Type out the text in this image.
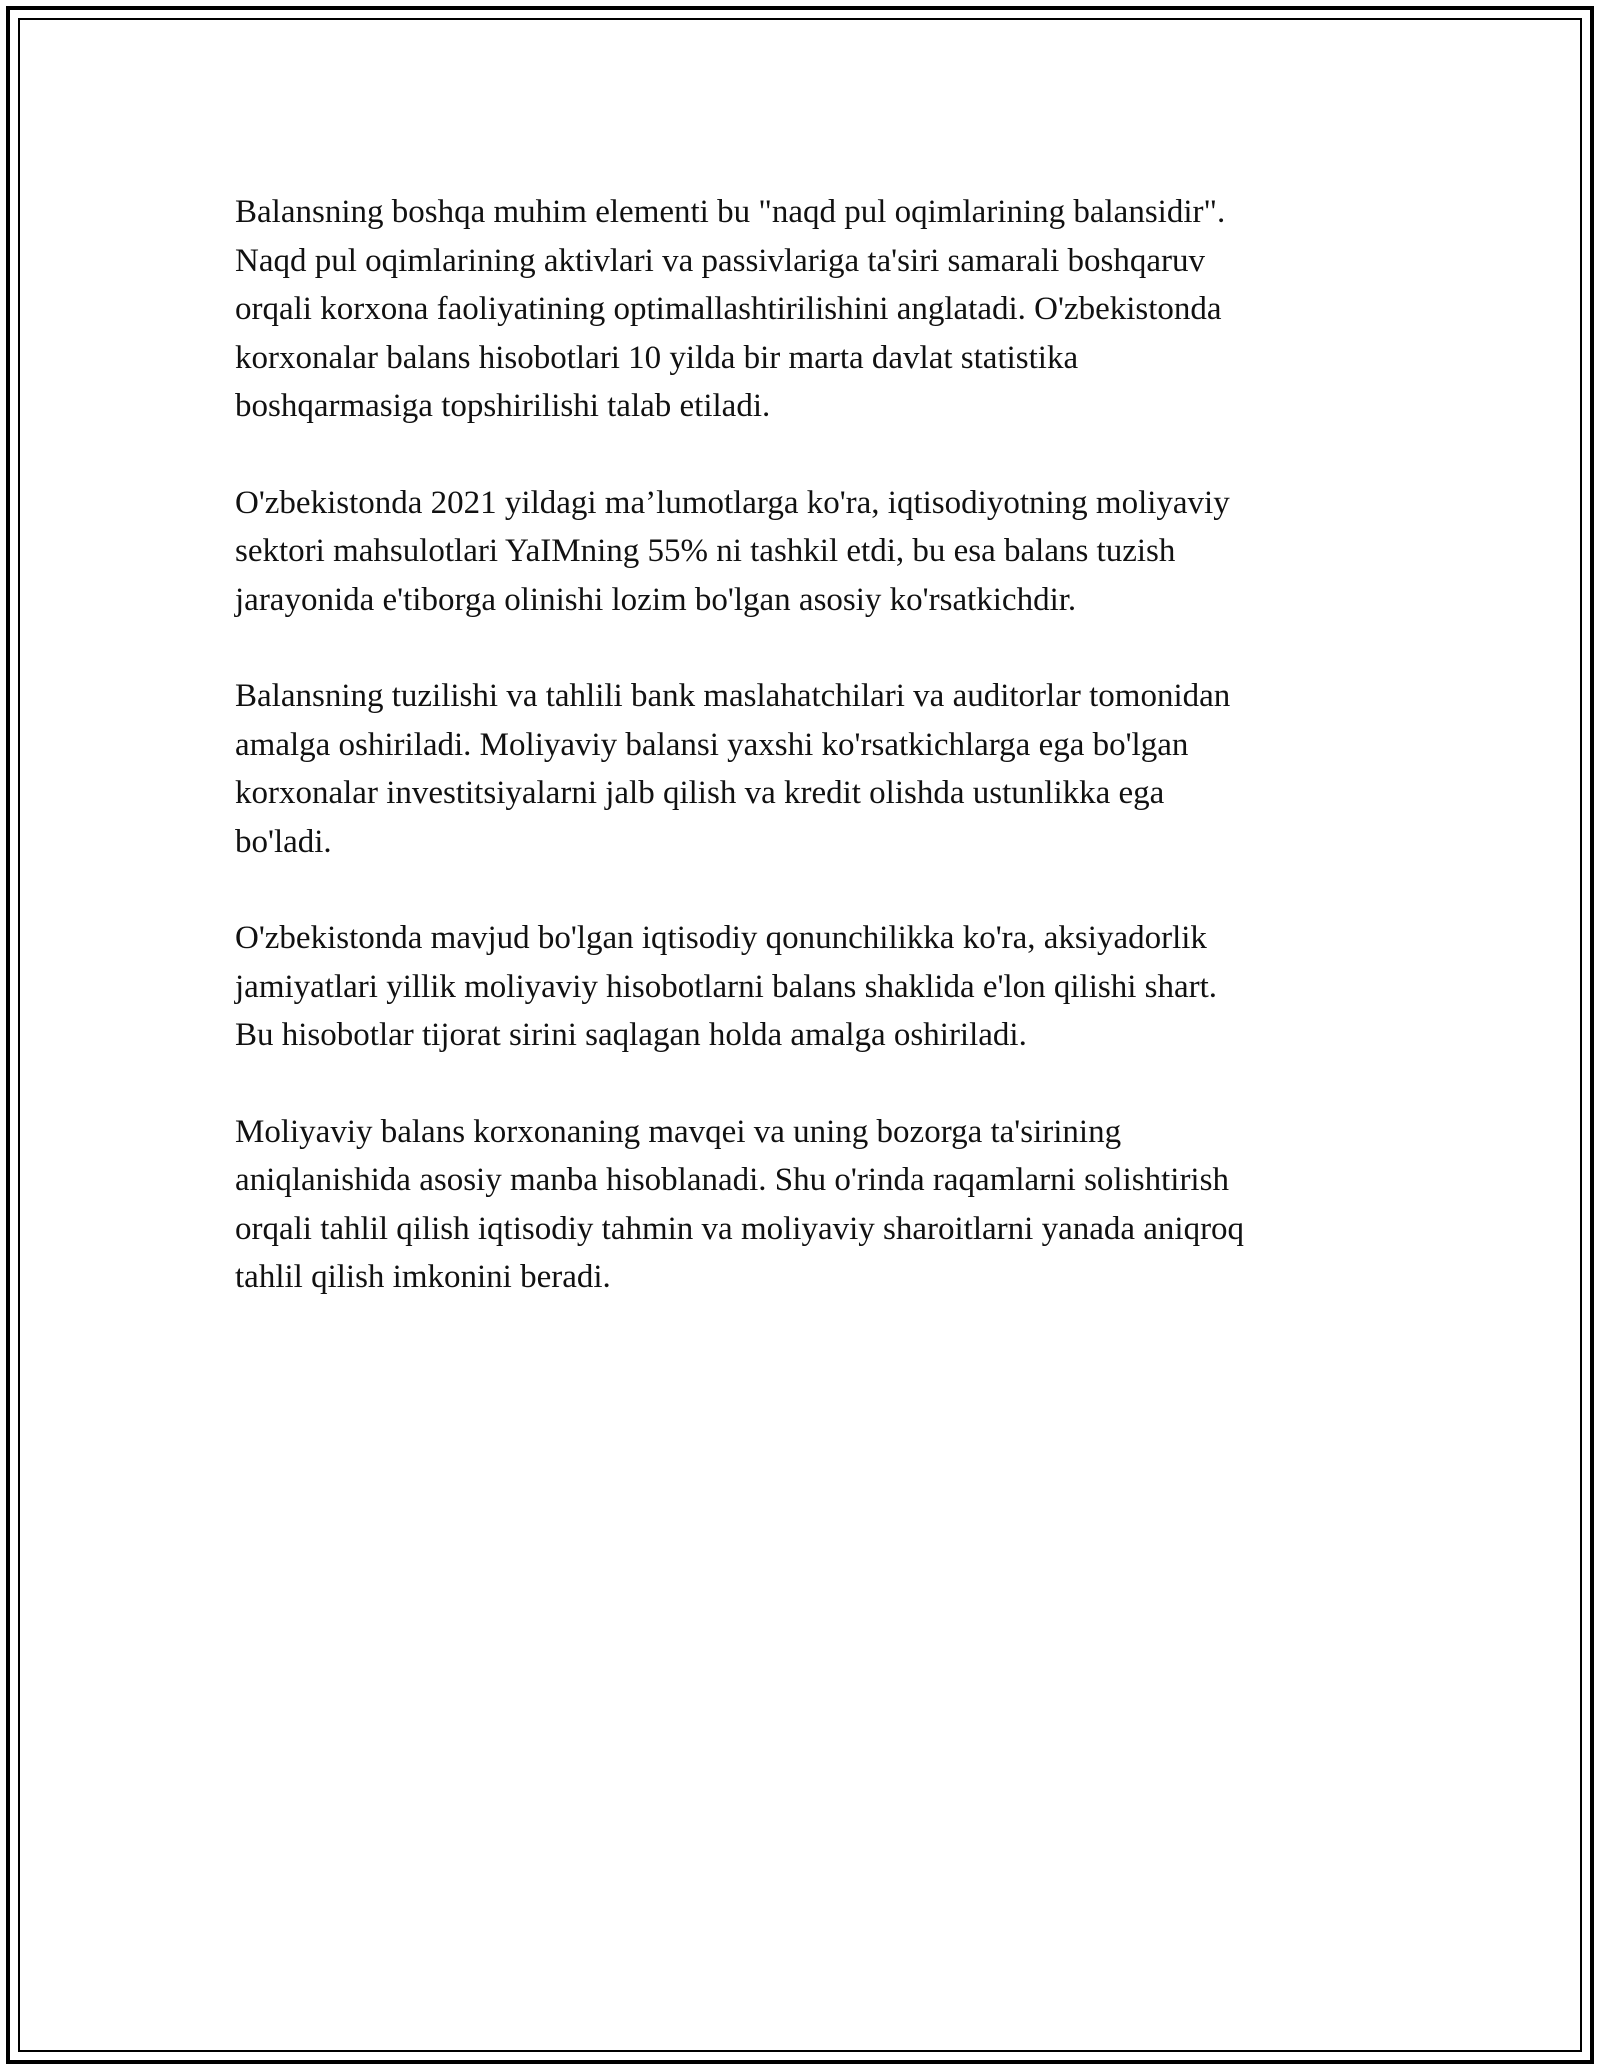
Balansning boshqa muhim elementi bu "naqd pul oqimlarining balansidir".
Naqd pul oqimlarining aktivlari va passivlariga ta'siri samarali boshqaruv
orqali korxona faoliyatining optimallashtirilishini anglatadi. O'zbekistonda
korxonalar balans hisobotlari 10 yilda bir marta davlat statistika
boshqarmasiga topshirilishi talab etiladi.

O'zbekistonda 2021 yildagi ma’lumotlarga ko'ra, iqtisodiyotning moliyaviy
sektori mahsulotlari YaIMning 55% ni tashkil etdi, bu esa balans tuzish
jarayonida e'tiborga olinishi lozim bo'lgan asosiy ko'rsatkichdir.

Balansning tuzilishi va tahlili bank maslahatchilari va auditorlar tomonidan
amalga oshiriladi. Moliyaviy balansi yaxshi ko'rsatkichlarga ega bo'lgan
korxonalar investitsiyalarni jalb qilish va kredit olishda ustunlikka ega
bo'ladi.

O'zbekistonda mavjud bo'lgan iqtisodiy qonunchilikka ko'ra, aksiyadorlik
jamiyatlari yillik moliyaviy hisobotlarni balans shaklida e'lon qilishi shart.
Bu hisobotlar tijorat sirini saqlagan holda amalga oshiriladi.

Moliyaviy balans korxonaning mavqei va uning bozorga ta'sirining
aniqlanishida asosiy manba hisoblanadi. Shu o'rinda raqamlarni solishtirish
orqali tahlil qilish iqtisodiy tahmin va moliyaviy sharoitlarni yanada aniqroq
tahlil qilish imkonini beradi.
